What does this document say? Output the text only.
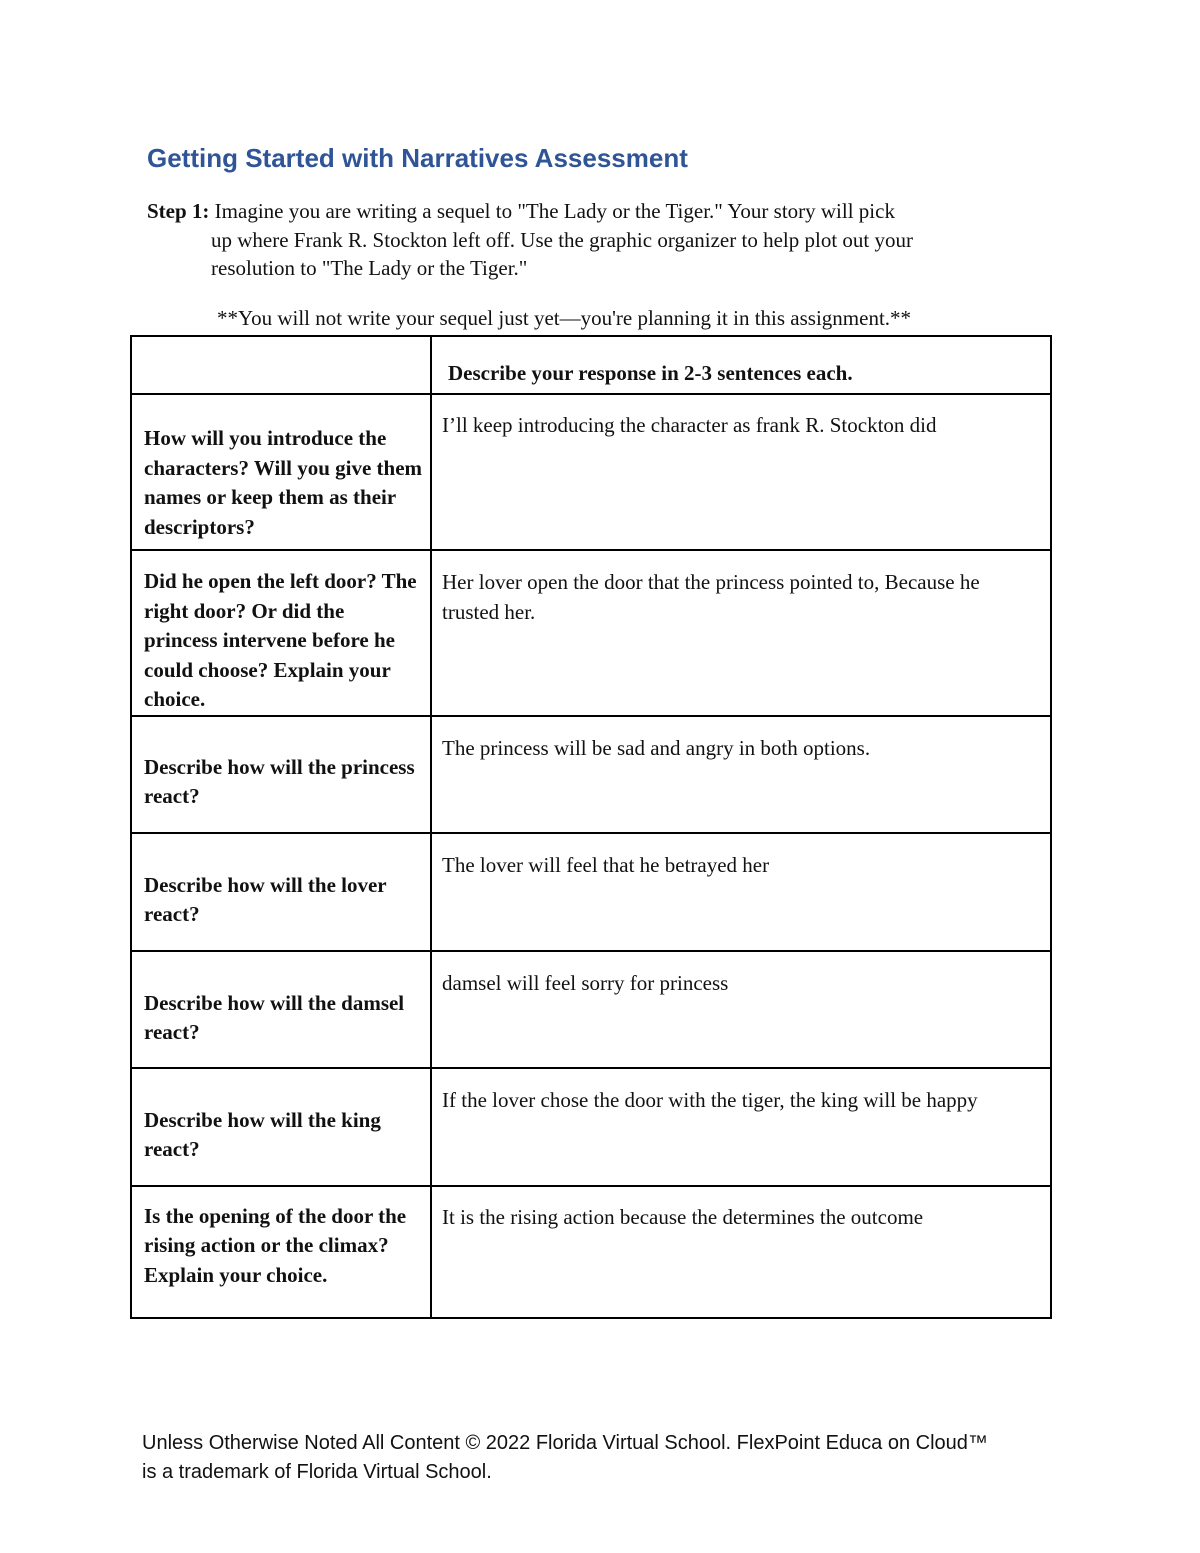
Getting Started with Narratives Assessment
Step 1: Imagine you are writing a sequel to "The Lady or the Tiger." Your story will pick
up where Frank R. Stockton left off. Use the graphic organizer to help plot out your
resolution to "The Lady or the Tiger."
**You will not write your sequel just yet—you're planning it in this assignment.**
	Describe your response in 2-3 sentences each.
How will you introduce the characters? Will you give them names or keep them as their descriptors?	I’ll keep introducing the character as frank R. Stockton did
Did he open the left door? The right door? Or did the princess intervene before he could choose? Explain your choice.	Her lover open the door that the princess pointed to, Because he trusted her.
Describe how will the princess react?	The princess will be sad and angry in both options.
Describe how will the lover react?	The lover will feel that he betrayed her
Describe how will the damsel react?	damsel will feel sorry for princess
Describe how will the king react?	If the lover chose the door with the tiger, the king will be happy
Is the opening of the door the rising action or the climax? Explain your choice.	It is the rising action because the determines the outcome
Unless Otherwise Noted All Content © 2022 Florida Virtual School. FlexPoint Educa on Cloud™
is a trademark of Florida Virtual School.
